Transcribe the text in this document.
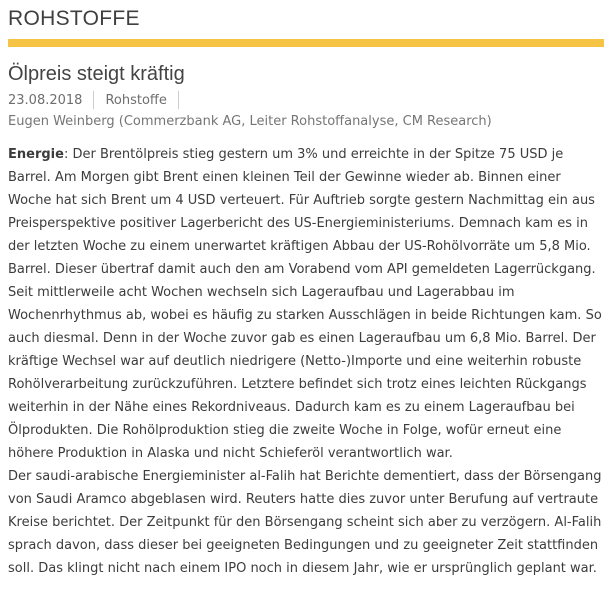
ROHSTOFFE
Ölpreis steigt kräftig
23.08.2018 Rohstoffe
Eugen Weinberg (Commerzbank AG, Leiter Rohstoffanalyse, CM Research)

Energie: Der Brentölpreis stieg gestern um 3% und erreichte in der Spitze 75 USD je Barrel. Am Morgen gibt Brent einen kleinen Teil der Gewinne wieder ab. Binnen einer Woche hat sich Brent um 4 USD verteuert. Für Auftrieb sorgte gestern Nachmittag ein aus Preisperspektive positiver Lagerbericht des US-Energieministeriums. Demnach kam es in der letzten Woche zu einem unerwartet kräftigen Abbau der US-Rohölvorräte um 5,8 Mio. Barrel. Dieser übertraf damit auch den am Vorabend vom API gemeldeten Lagerrückgang. Seit mittlerweile acht Wochen wechseln sich Lageraufbau und Lagerabbau im Wochenrhythmus ab, wobei es häufig zu starken Ausschlägen in beide Richtungen kam. So auch diesmal. Denn in der Woche zuvor gab es einen Lageraufbau um 6,8 Mio. Barrel. Der kräftige Wechsel war auf deutlich niedrigere (Netto-)Importe und eine weiterhin robuste Rohölverarbeitung zurückzuführen. Letztere befindet sich trotz eines leichten Rückgangs weiterhin in der Nähe eines Rekordniveaus. Dadurch kam es zu einem Lageraufbau bei Ölprodukten. Die Rohölproduktion stieg die zweite Woche in Folge, wofür erneut eine höhere Produktion in Alaska und nicht Schieferöl verantwortlich war.

Der saudi-arabische Energieminister al-Falih hat Berichte dementiert, dass der Börsengang von Saudi Aramco abgeblasen wird. Reuters hatte dies zuvor unter Berufung auf vertraute Kreise berichtet. Der Zeitpunkt für den Börsengang scheint sich aber zu verzögern. Al-Falih sprach davon, dass dieser bei geeigneten Bedingungen und zu geeigneter Zeit stattfinden soll. Das klingt nicht nach einem IPO noch in diesem Jahr, wie er ursprünglich geplant war.
